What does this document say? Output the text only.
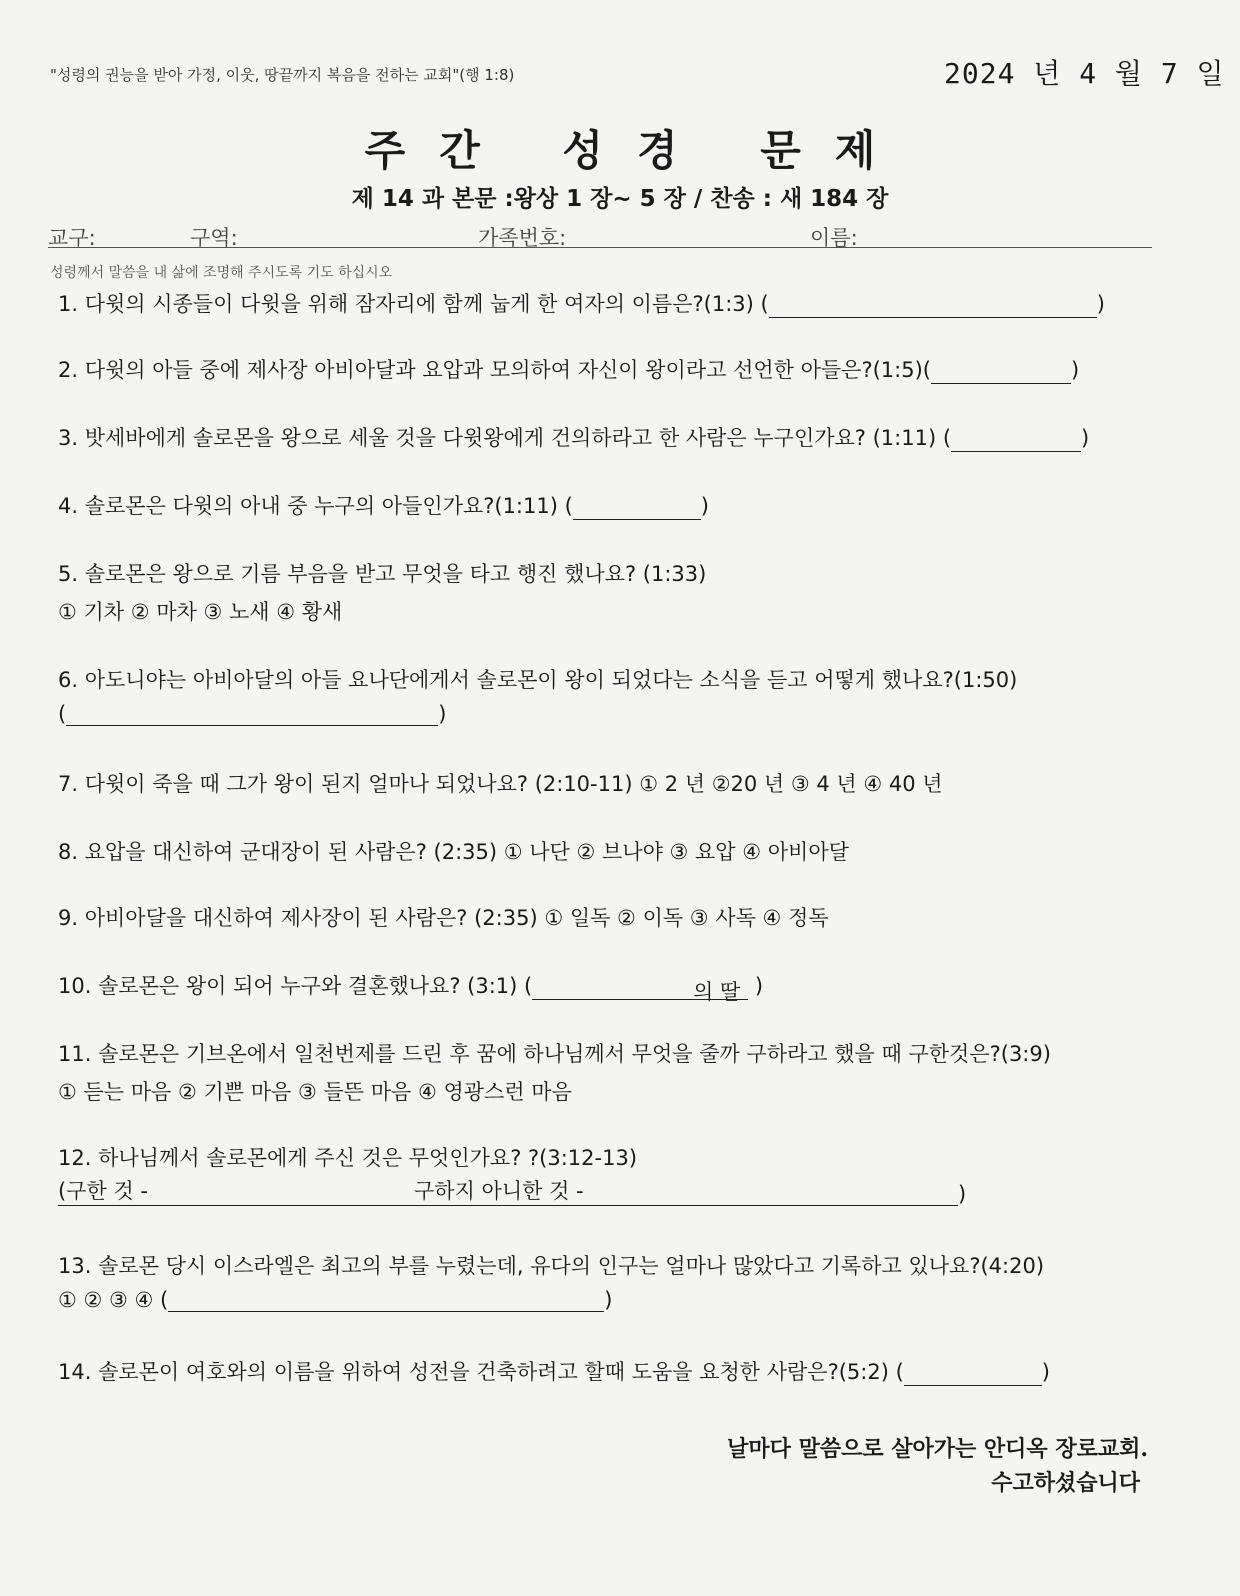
"성령의 권능을 받아 가정, 이웃, 땅끝까지 복음을 전하는 교회"(행 1:8)	2024 년 4 월 7 일
주간 성경 문제
제 14 과 본문 :왕상 1 장~ 5 장 / 찬송 : 새 184 장
교구:	구역:	가족번호:	이름:
성령께서 말씀을 내 삶에 조명해 주시도록 기도 하십시오
1. 다윗의 시종들이 다윗을 위해 잠자리에 함께 눕게 한 여자의 이름은?(1:3) (	)
2. 다윗의 아들 중에 제사장 아비아달과 요압과 모의하여 자신이 왕이라고 선언한 아들은?(1:5)(	)
3. 밧세바에게 솔로몬을 왕으로 세울 것을 다윗왕에게 건의하라고 한 사람은 누구인가요? (1:11) (	)
4. 솔로몬은 다윗의 아내 중 누구의 아들인가요?(1:11) (	)
5. 솔로몬은 왕으로 기름 부음을 받고 무엇을 타고 행진 했나요? (1:33)
① 기차 ② 마차 ③ 노새 ④ 황새
6. 아도니야는 아비아달의 아들 요나단에게서 솔로몬이 왕이 되었다는 소식을 듣고 어떻게 했나요?(1:50)
(	)
7. 다윗이 죽을 때 그가 왕이 된지 얼마나 되었나요? (2:10-11) ① 2 년 ②20 년 ③ 4 년 ④ 40 년
8. 요압을 대신하여 군대장이 된 사람은? (2:35) ① 나단 ② 브나야 ③ 요압 ④ 아비아달
9. 아비아달을 대신하여 제사장이 된 사람은? (2:35) ① 일독 ② 이독 ③ 사독 ④ 정독
10. 솔로몬은 왕이 되어 누구와 결혼했나요? (3:1) (	의 딸 )
11. 솔로몬은 기브온에서 일천번제를 드린 후 꿈에 하나님께서 무엇을 줄까 구하라고 했을 때 구한것은?(3:9)
① 듣는 마음 ② 기쁜 마음 ③ 들뜬 마음 ④ 영광스런 마음
12. 하나님께서 솔로몬에게 주신 것은 무엇인가요? ?(3:12-13)
(구한 것 -	구하지 아니한 것 -	)
13. 솔로몬 당시 이스라엘은 최고의 부를 누렸는데, 유다의 인구는 얼마나 많았다고 기록하고 있나요?(4:20)
① ② ③ ④ (	)
14. 솔로몬이 여호와의 이름을 위하여 성전을 건축하려고 할때 도움을 요청한 사람은?(5:2) (	)
날마다 말씀으로 살아가는 안디옥 장로교회.
수고하셨습니다
